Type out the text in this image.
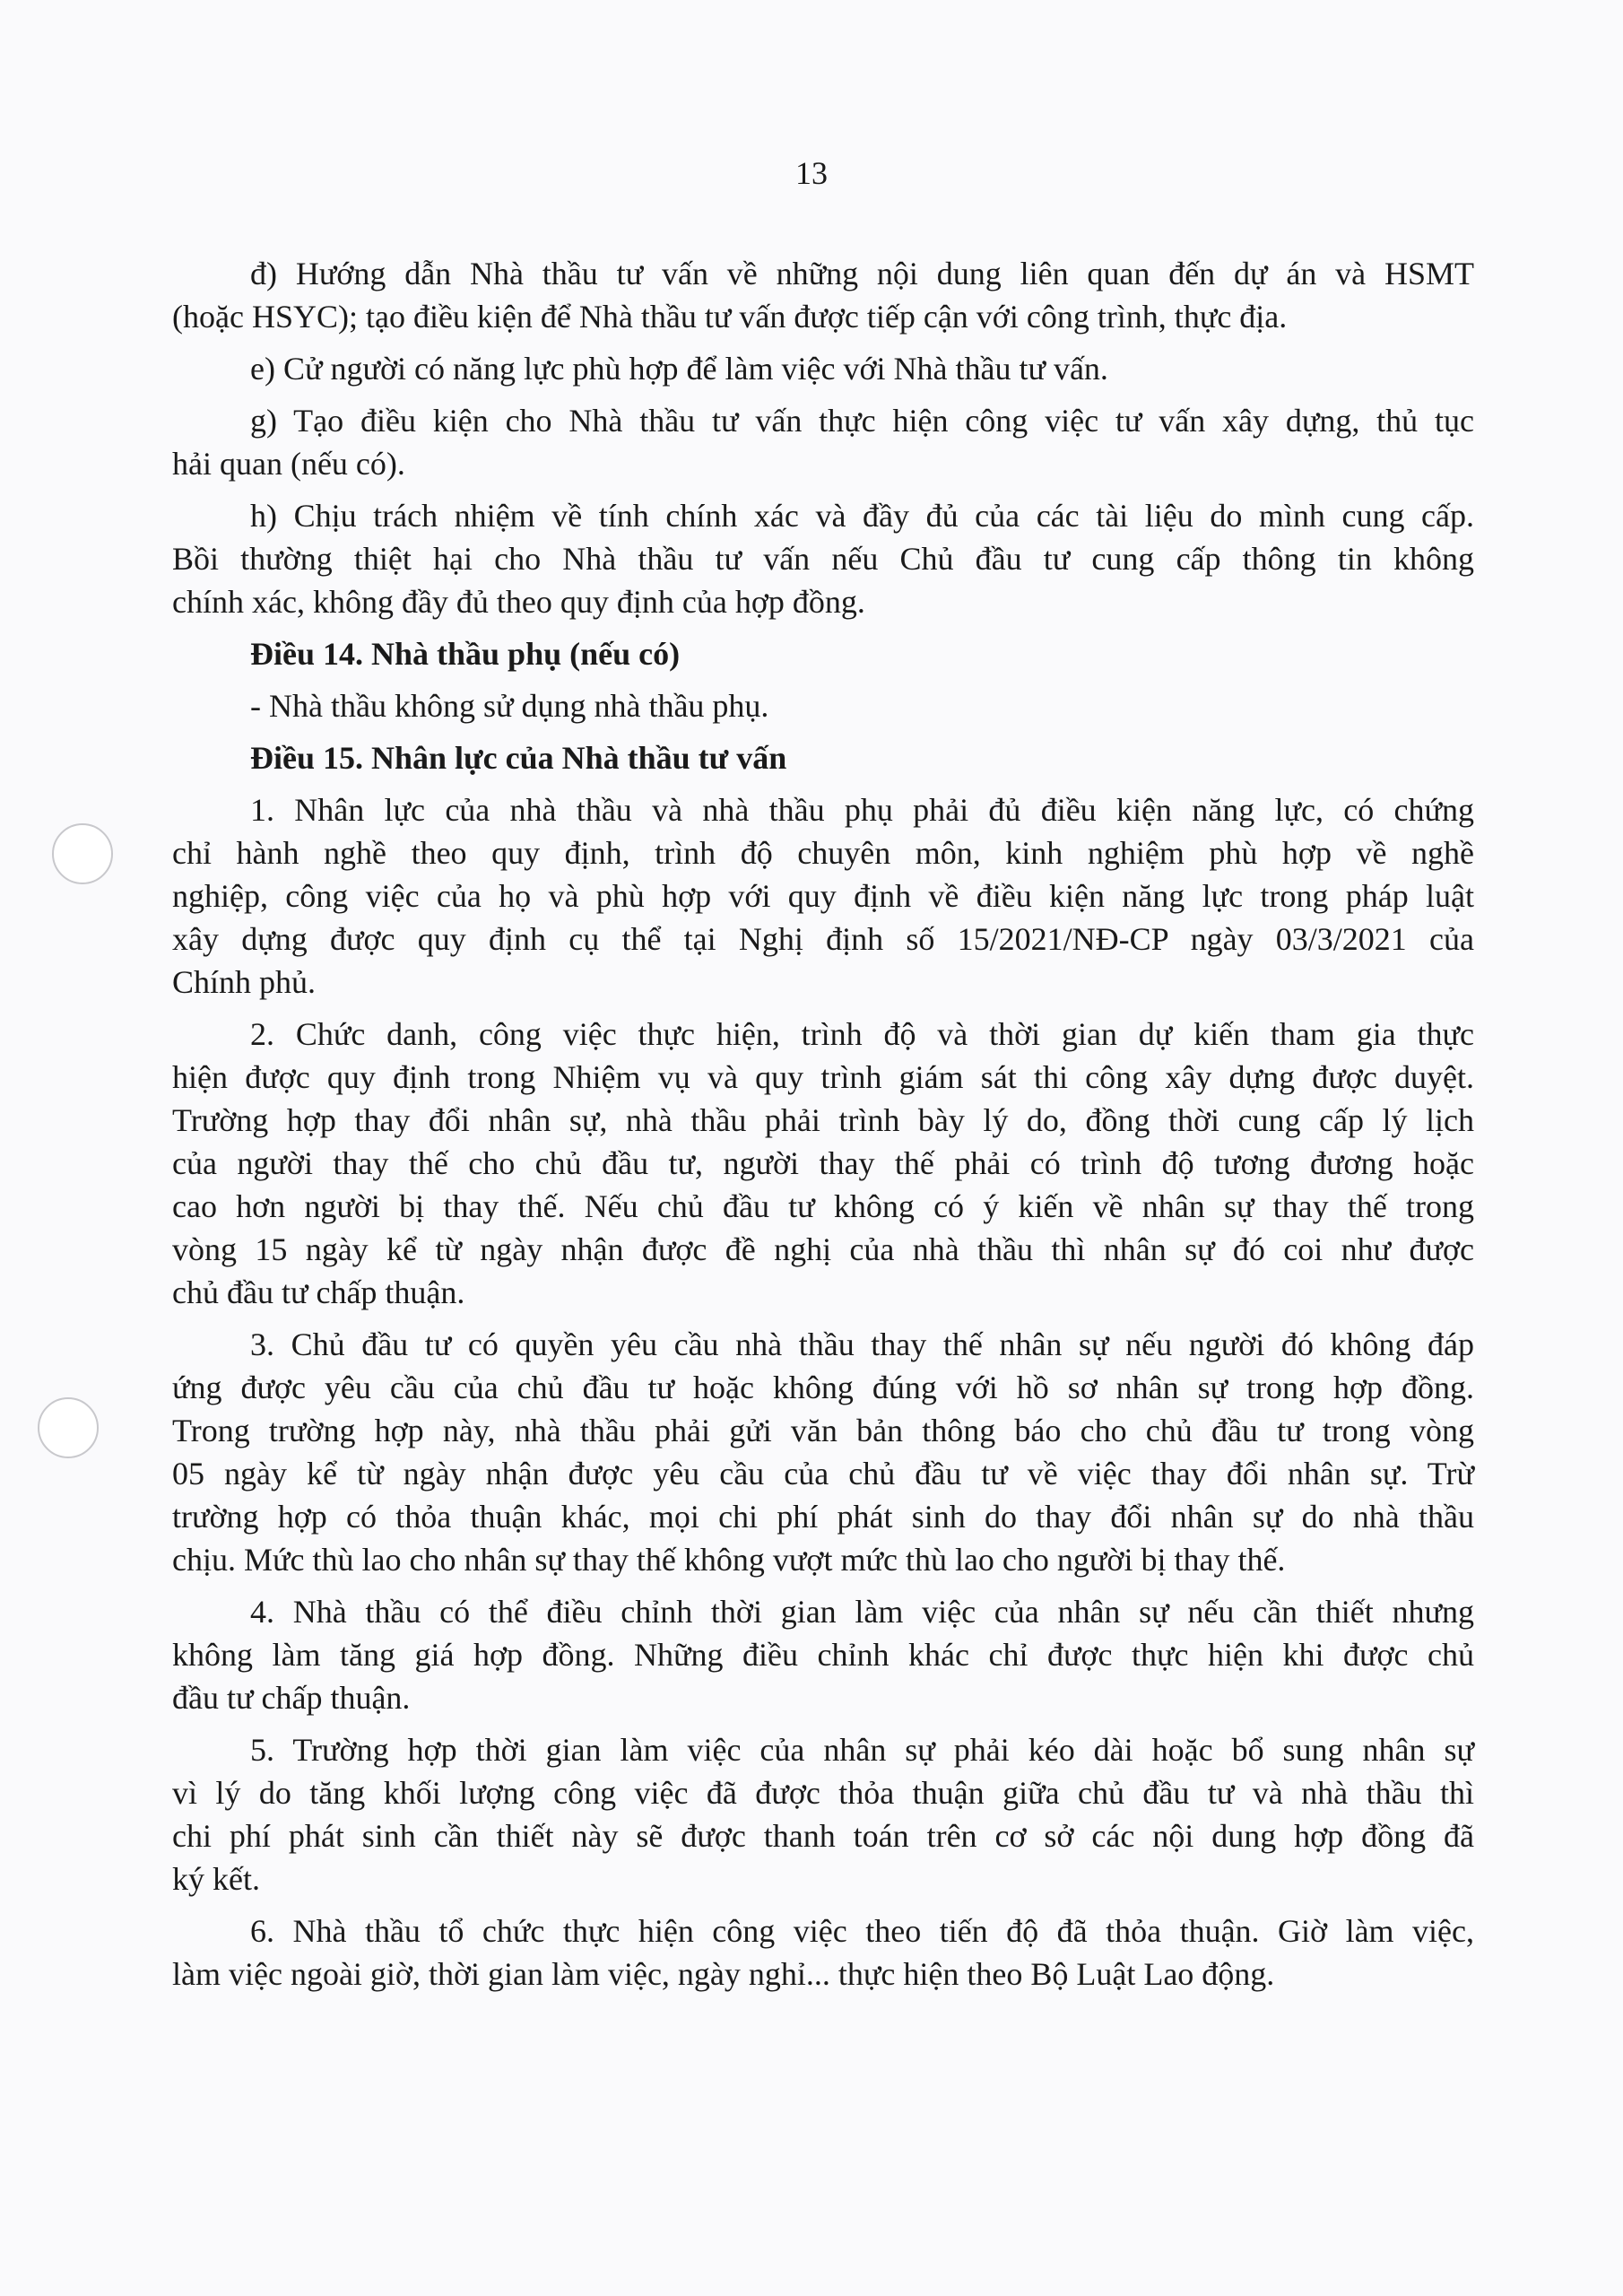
13
đ) Hướng dẫn Nhà thầu tư vấn về những nội dung liên quan đến dự án và HSMT
(hoặc HSYC); tạo điều kiện để Nhà thầu tư vấn được tiếp cận với công trình, thực địa.
e) Cử người có năng lực phù hợp để làm việc với Nhà thầu tư vấn.
g) Tạo điều kiện cho Nhà thầu tư vấn thực hiện công việc tư vấn xây dựng, thủ tục
hải quan (nếu có).
h) Chịu trách nhiệm về tính chính xác và đầy đủ của các tài liệu do mình cung cấp.
Bồi thường thiệt hại cho Nhà thầu tư vấn nếu Chủ đầu tư cung cấp thông tin không
chính xác, không đầy đủ theo quy định của hợp đồng.
Điều 14. Nhà thầu phụ (nếu có)
- Nhà thầu không sử dụng nhà thầu phụ.
Điều 15. Nhân lực của Nhà thầu tư vấn
1. Nhân lực của nhà thầu và nhà thầu phụ phải đủ điều kiện năng lực, có chứng
chỉ hành nghề theo quy định, trình độ chuyên môn, kinh nghiệm phù hợp về nghề
nghiệp, công việc của họ và phù hợp với quy định về điều kiện năng lực trong pháp luật
xây dựng được quy định cụ thể tại Nghị định số 15/2021/NĐ-CP ngày 03/3/2021 của
Chính phủ.
2. Chức danh, công việc thực hiện, trình độ và thời gian dự kiến tham gia thực
hiện được quy định trong Nhiệm vụ và quy trình giám sát thi công xây dựng được duyệt.
Trường hợp thay đổi nhân sự, nhà thầu phải trình bày lý do, đồng thời cung cấp lý lịch
của người thay thế cho chủ đầu tư, người thay thế phải có trình độ tương đương hoặc
cao hơn người bị thay thế. Nếu chủ đầu tư không có ý kiến về nhân sự thay thế trong
vòng 15 ngày kể từ ngày nhận được đề nghị của nhà thầu thì nhân sự đó coi như được
chủ đầu tư chấp thuận.
3. Chủ đầu tư có quyền yêu cầu nhà thầu thay thế nhân sự nếu người đó không đáp
ứng được yêu cầu của chủ đầu tư hoặc không đúng với hồ sơ nhân sự trong hợp đồng.
Trong trường hợp này, nhà thầu phải gửi văn bản thông báo cho chủ đầu tư trong vòng
05 ngày kể từ ngày nhận được yêu cầu của chủ đầu tư về việc thay đổi nhân sự. Trừ
trường hợp có thỏa thuận khác, mọi chi phí phát sinh do thay đổi nhân sự do nhà thầu
chịu. Mức thù lao cho nhân sự thay thế không vượt mức thù lao cho người bị thay thế.
4. Nhà thầu có thể điều chỉnh thời gian làm việc của nhân sự nếu cần thiết nhưng
không làm tăng giá hợp đồng. Những điều chỉnh khác chỉ được thực hiện khi được chủ
đầu tư chấp thuận.
5. Trường hợp thời gian làm việc của nhân sự phải kéo dài hoặc bổ sung nhân sự
vì lý do tăng khối lượng công việc đã được thỏa thuận giữa chủ đầu tư và nhà thầu thì
chi phí phát sinh cần thiết này sẽ được thanh toán trên cơ sở các nội dung hợp đồng đã
ký kết.
6. Nhà thầu tổ chức thực hiện công việc theo tiến độ đã thỏa thuận. Giờ làm việc,
làm việc ngoài giờ, thời gian làm việc, ngày nghỉ... thực hiện theo Bộ Luật Lao động.
